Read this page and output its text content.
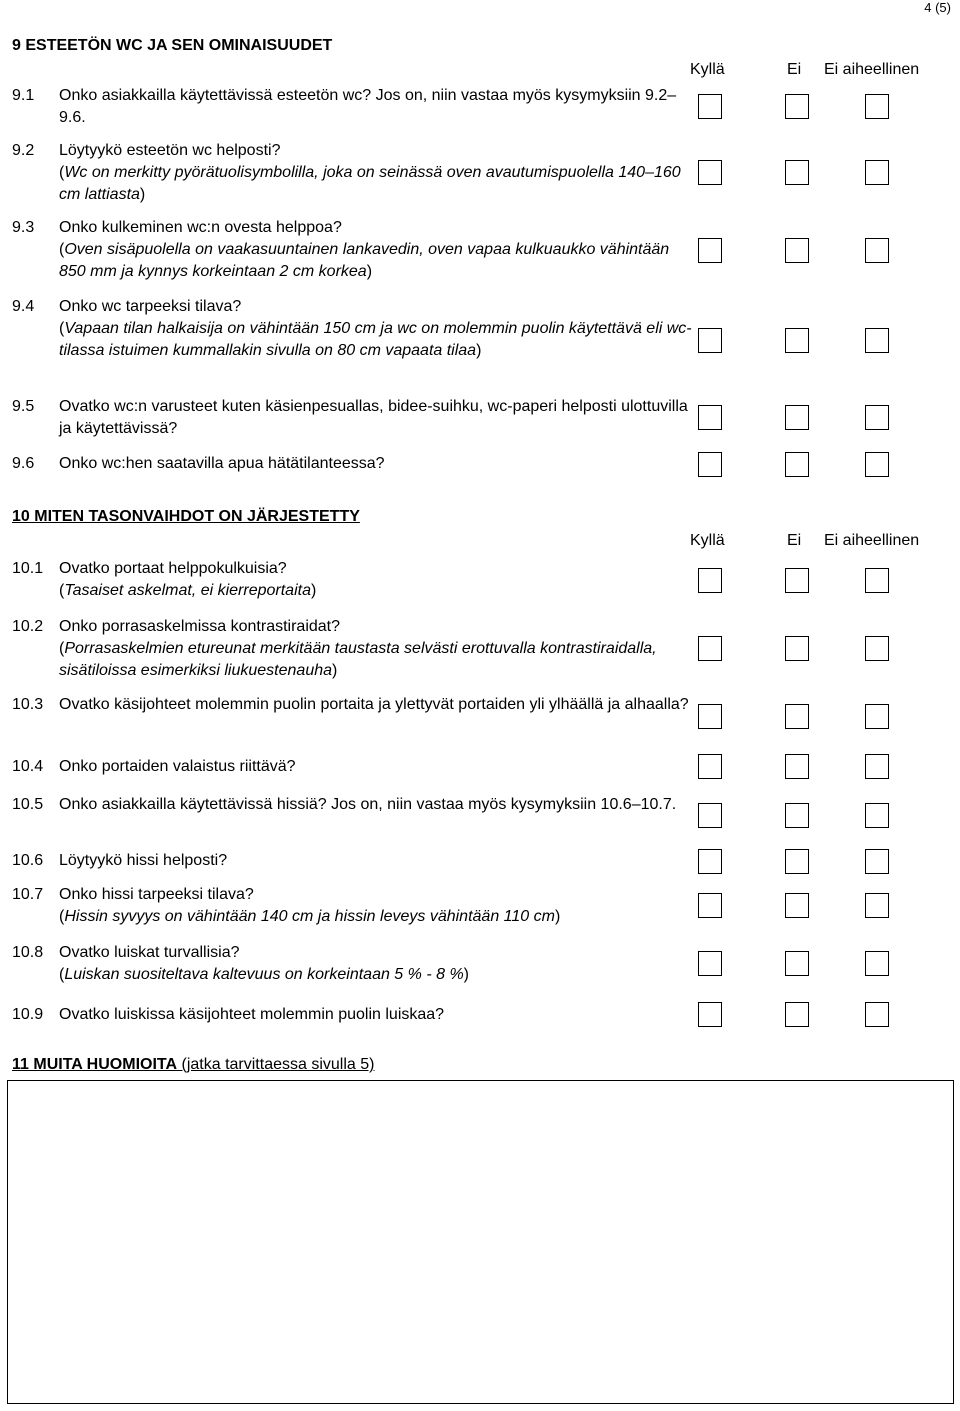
4 (5)
9 ESTEETÖN WC JA SEN OMINAISUUDET
Kyllä	Ei Ei aiheellinen
9.1 Onko asiakkailla käytettävissä esteetön wc? Jos on, niin vastaa myös kysymyksiin 9.2–9.6.
9.2 Löytyykö esteetön wc helposti?
(Wc on merkitty pyörätuolisymbolilla, joka on seinässä oven avautumispuolella 140–160 cm lattiasta)
9.3 Onko kulkeminen wc:n ovesta helppoa?
(Oven sisäpuolella on vaakasuuntainen lankavedin, oven vapaa kulkuaukko vähintään 850 mm ja kynnys korkeintaan 2 cm korkea)
9.4 Onko wc tarpeeksi tilava?
(Vapaan tilan halkaisija on vähintään 150 cm ja wc on molemmin puolin käytettävä eli wc-tilassa istuimen kummallakin sivulla on 80 cm vapaata tilaa)
9.5 Ovatko wc:n varusteet kuten käsienpesuallas, bidee-suihku, wc-paperi helposti ulottuvilla ja käytettävissä?
9.6 Onko wc:hen saatavilla apua hätätilanteessa?
10 MITEN TASONVAIHDOT ON JÄRJESTETTY
Kyllä	Ei Ei aiheellinen
10.1 Ovatko portaat helppokulkuisia?
(Tasaiset askelmat, ei kierreportaita)
10.2 Onko porrasaskelmissa kontrastiraidat?
(Porrasaskelmien etureunat merkitään taustasta selvästi erottuvalla kontrastiraidalla, sisätiloissa esimerkiksi liukuestenauha)
10.3 Ovatko käsijohteet molemmin puolin portaita ja ylettyvät portaiden yli ylhäällä ja alhaalla?
10.4 Onko portaiden valaistus riittävä?
10.5 Onko asiakkailla käytettävissä hissiä? Jos on, niin vastaa myös kysymyksiin 10.6–10.7.
10.6 Löytyykö hissi helposti?
10.7 Onko hissi tarpeeksi tilava?
(Hissin syvyys on vähintään 140 cm ja hissin leveys vähintään 110 cm)
10.8 Ovatko luiskat turvallisia?
(Luiskan suositeltava kaltevuus on korkeintaan 5 % - 8 %)
10.9 Ovatko luiskissa käsijohteet molemmin puolin luiskaa?
11 MUITA HUOMIOITA (jatka tarvittaessa sivulla 5)
